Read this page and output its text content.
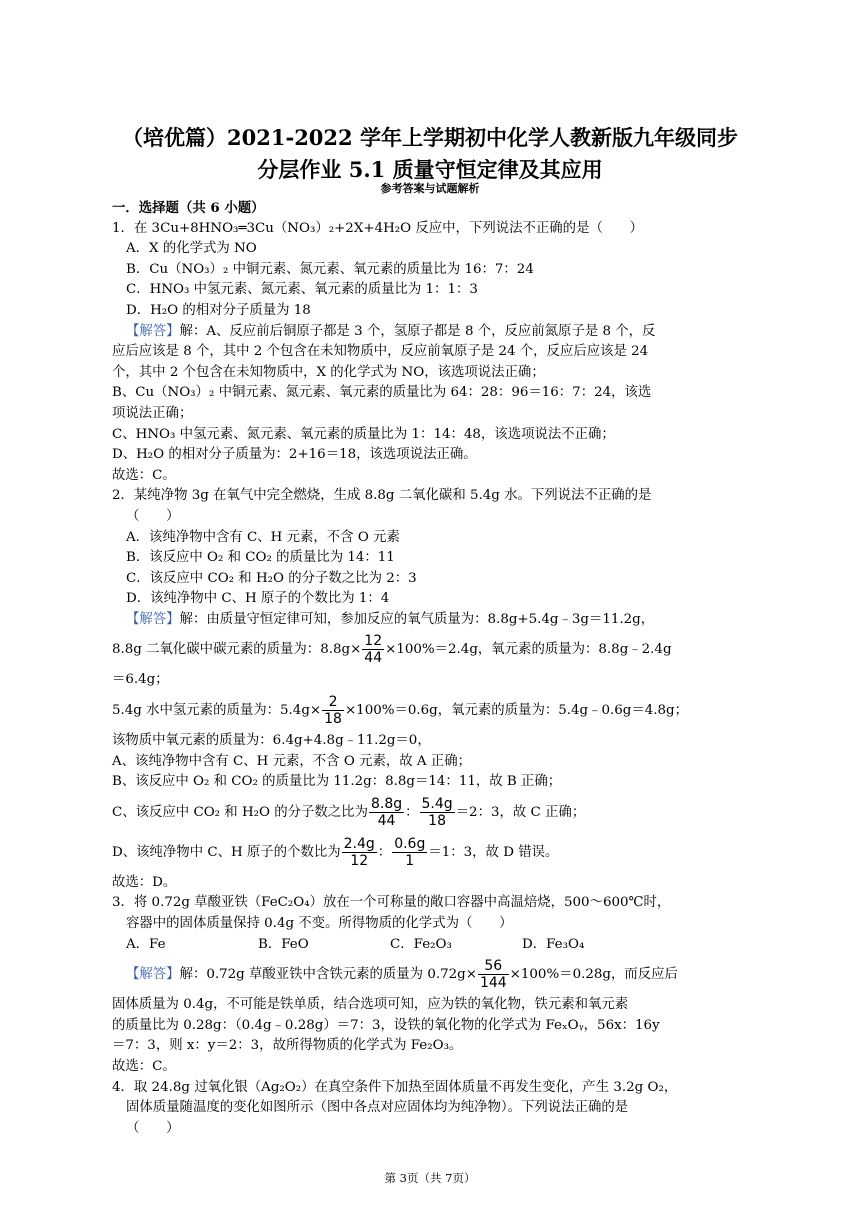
（培优篇）2021-2022 学年上学期初中化学人教新版九年级同步
分层作业 5.1 质量守恒定律及其应用
参考答案与试题解析

一．选择题（共 6 小题）

1．在 3Cu+8HNO₃═3Cu（NO₃）₂+2X+4H₂O 反应中，下列说法不正确的是（　　）

A．X 的化学式为 NO

B．Cu（NO₃）₂ 中铜元素、氮元素、氧元素的质量比为 16：7：24

C．HNO₃ 中氢元素、氮元素、氧元素的质量比为 1：1：3

D．H₂O 的相对分子质量为 18

【解答】解：A、反应前后铜原子都是 3 个，氢原子都是 8 个，反应前氮原子是 8 个，反

应后应该是 8 个，其中 2 个包含在未知物质中，反应前氧原子是 24 个，反应后应该是 24

个，其中 2 个包含在未知物质中，X 的化学式为 NO，该选项说法正确；

B、Cu（NO₃）₂ 中铜元素、氮元素、氧元素的质量比为 64：28：96＝16：7：24，该选

项说法正确；

C、HNO₃ 中氢元素、氮元素、氧元素的质量比为 1：14：48，该选项说法不正确；

D、H₂O 的相对分子质量为：2+16＝18，该选项说法正确。

故选：C。

2．某纯净物 3g 在氧气中完全燃烧，生成 8.8g 二氧化碳和 5.4g 水。下列说法不正确的是

（　　）

A．该纯净物中含有 C、H 元素，不含 O 元素

B．该反应中 O₂ 和 CO₂ 的质量比为 14：11

C．该反应中 CO₂ 和 H₂O 的分子数之比为 2：3

D．该纯净物中 C、H 原子的个数比为 1：4

【解答】解：由质量守恒定律可知，参加反应的氧气质量为：8.8g+5.4g﹣3g＝11.2g，

8.8g 二氧化碳中碳元素的质量为：$8.8g\times \frac{12}{44} \times 100\%=2.4g$，氧元素的质量为：8.8g﹣2.4g

＝6.4g；

5.4g 水中氢元素的质量为：$5.4g\times \frac{2}{18} \times 100\%=0.6g$，氧元素的质量为：5.4g﹣0.6g＝4.8g；

该物质中氧元素的质量为：6.4g+4.8g﹣11.2g＝0，

A、该纯净物中含有 C、H 元素，不含 O 元素，故 A 正确；

B、该反应中 O₂ 和 CO₂ 的质量比为 11.2g：8.8g＝14：11，故 B 正确；

C、该反应中 CO₂ 和 H₂O 的分子数之比为 $\frac{8.8g}{44}$ ： $\frac{5.4g}{18} =2$：3，故 C 正确；

D、该纯净物中 C、H 原子的个数比为 $\frac{2.4g}{12}$ ： $\frac{0.6g}{1} =1$：3，故 D 错误。

故选：D。

3．将 0.72g 草酸亚铁（FeC₂O₄）放在一个可称量的敞口容器中高温焙烧，500～600℃时，

容器中的固体质量保持 0.4g 不变。所得物质的化学式为（　　）

A．Fe	B．FeO	C．Fe₂O₃	D．Fe₃O₄

【解答】解：0.72g 草酸亚铁中含铁元素的质量为 $0.72g\times \frac{56}{144} \times 100\%=0.28g$，而反应后

固体质量为 0.4g，不可能是铁单质，结合选项可知，应为铁的氧化物，铁元素和氧元素

的质量比为 0.28g：（0.4g﹣0.28g）＝7：3，设铁的氧化物的化学式为 FeₓOᵧ，56x：16y

＝7：3，则 x：y＝2：3，故所得物质的化学式为 Fe₂O₃。

故选：C。

4．取 24.8g 过氧化银（Ag₂O₂）在真空条件下加热至固体质量不再发生变化，产生 3.2g O₂，

固体质量随温度的变化如图所示（图中各点对应固体均为纯净物）。下列说法正确的是

（　　）

第 3页（共 7页）
